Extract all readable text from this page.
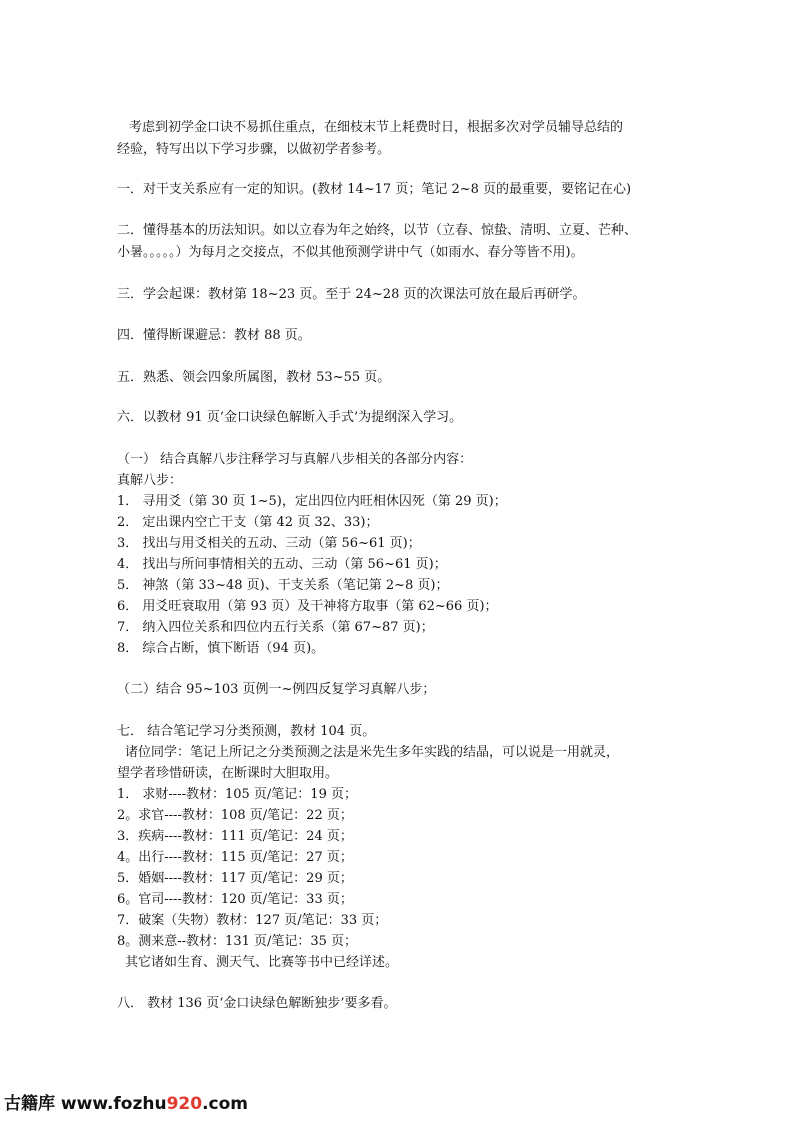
考虑到初学金口诀不易抓住重点，在细枝末节上耗费时日，根据多次对学员辅导总结的
经验，特写出以下学习步骤，以做初学者参考。
一．对干支关系应有一定的知识。(教材 14~17 页；笔记 2~8 页的最重要，要铭记在心)
二．懂得基本的历法知识。如以立春为年之始终，以节（立春、惊蛰、清明、立夏、芒种、
小暑。。。。。）为每月之交接点，不似其他预测学讲中气（如雨水、春分等皆不用)。
三．学会起课：教材第 18~23 页。至于 24~28 页的次课法可放在最后再研学。
四．懂得断课避忌：教材 88 页。
五．熟悉、领会四象所属图，教材 53~55 页。
六．以教材 91 页‘金口诀绿色解断入手式’为提纲深入学习。
（一） 结合真解八步注释学习与真解八步相关的各部分内容：
真解八步：
1． 寻用爻（第 30 页 1~5)，定出四位内旺相休囚死（第 29 页)；
2． 定出课内空亡干支（第 42 页 32、33)；
3． 找出与用爻相关的五动、三动（第 56~61 页)；
4． 找出与所问事情相关的五动、三动（第 56~61 页)；
5． 神煞（第 33~48 页)、干支关系（笔记第 2~8 页)；
6． 用爻旺衰取用（第 93 页）及干神将方取事（第 62~66 页)；
7． 纳入四位关系和四位内五行关系（第 67~87 页)；
8． 综合占断，慎下断语（94 页)。
（二）结合 95~103 页例一~例四反复学习真解八步；
七． 结合笔记学习分类预测，教材 104 页。
诸位同学：笔记上所记之分类预测之法是米先生多年实践的结晶，可以说是一用就灵，
望学者珍惜研读，在断课时大胆取用。
1． 求财----教材：105 页/笔记：19 页；
2。求官----教材：108 页/笔记：22 页；
3．疾病----教材：111 页/笔记：24 页；
4。出行----教材：115 页/笔记：27 页；
5．婚姻----教材：117 页/笔记：29 页；
6。官司----教材：120 页/笔记：33 页；
7．破案（失物）教材：127 页/笔记：33 页；
8。测来意--教材：131 页/笔记：35 页；
其它诸如生育、测天气、比赛等书中已经详述。
八． 教材 136 页‘金口诀绿色解断独步’要多看。
古籍库 www.fozhu920.com
